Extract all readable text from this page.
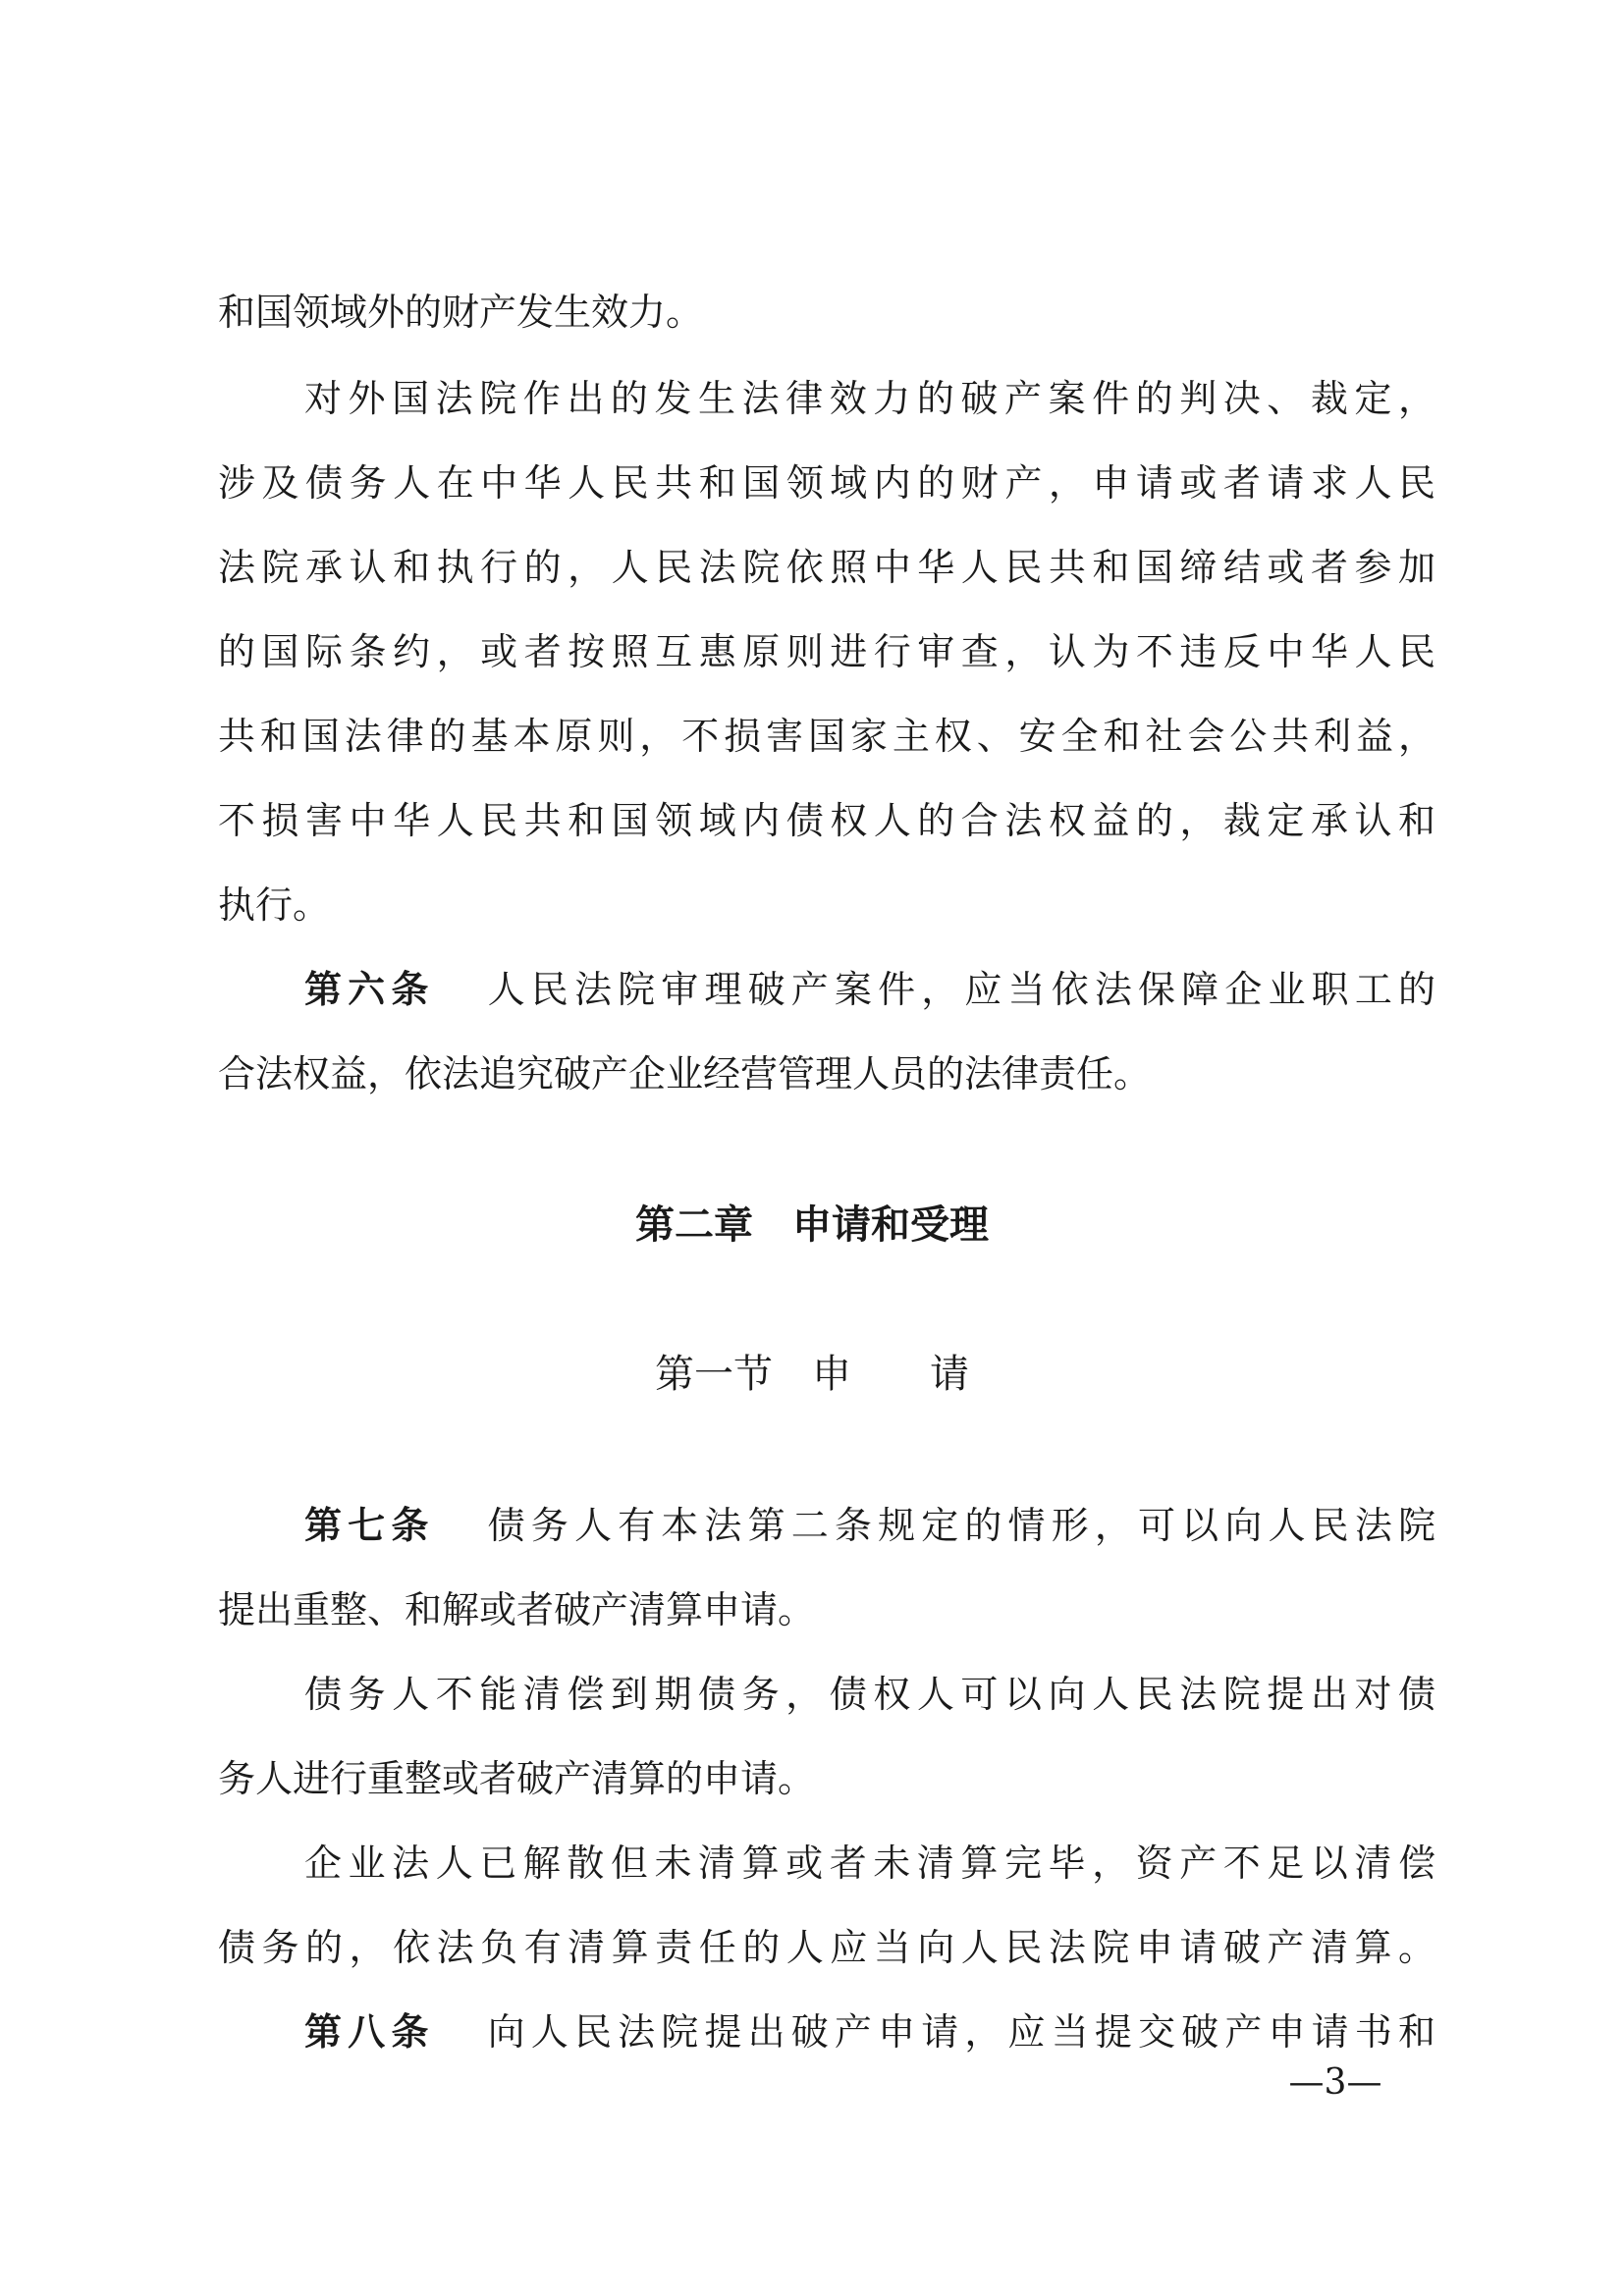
和国领域外的财产发生效力。
对外国法院作出的发生法律效力的破产案件的判决、裁定，
涉及债务人在中华人民共和国领域内的财产，申请或者请求人民
法院承认和执行的，人民法院依照中华人民共和国缔结或者参加
的国际条约，或者按照互惠原则进行审查，认为不违反中华人民
共和国法律的基本原则，不损害国家主权、安全和社会公共利益，
不损害中华人民共和国领域内债权人的合法权益的，裁定承认和
执行。
第六条 人民法院审理破产案件，应当依法保障企业职工的
合法权益，依法追究破产企业经营管理人员的法律责任。
第二章　申请和受理
第一节　申　　请
第七条 债务人有本法第二条规定的情形，可以向人民法院
提出重整、和解或者破产清算申请。
债务人不能清偿到期债务，债权人可以向人民法院提出对债
务人进行重整或者破产清算的申请。
企业法人已解散但未清算或者未清算完毕，资产不足以清偿
债务的，依法负有清算责任的人应当向人民法院申请破产清算。
第八条 向人民法院提出破产申请，应当提交破产申请书和
—3—
